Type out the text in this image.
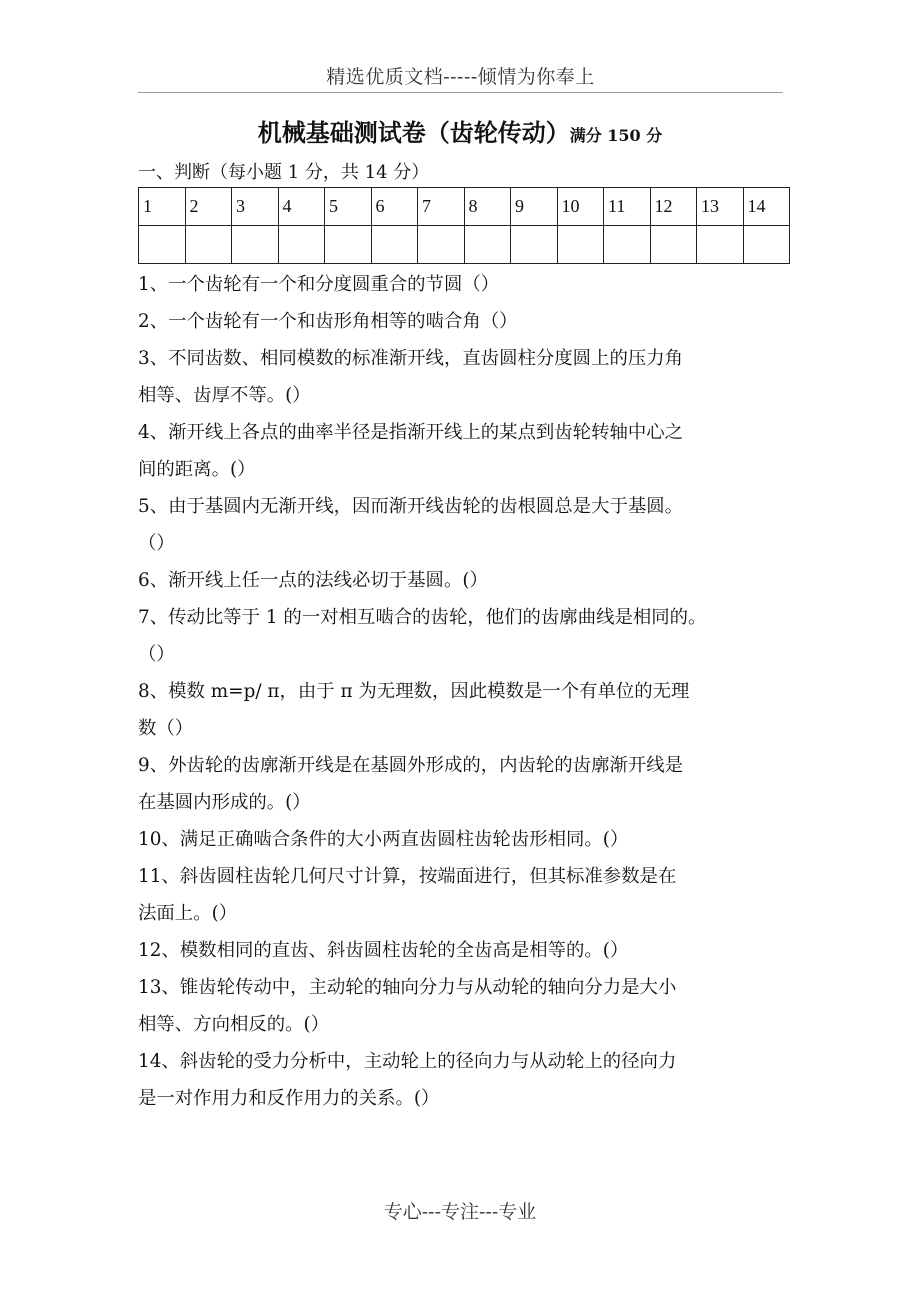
精选优质文档-----倾情为你奉上
机械基础测试卷（齿轮传动）满分 150 分
一、判断（每小题 1 分，共 14 分）
1	2	3	4	5	6	7	8	9	10	11	12	13	14

1、一个齿轮有一个和分度圆重合的节圆（）
2、一个齿轮有一个和齿形角相等的啮合角（）
3、不同齿数、相同模数的标准渐开线，直齿圆柱分度圆上的压力角
相等、齿厚不等。(）
4、渐开线上各点的曲率半径是指渐开线上的某点到齿轮转轴中心之
间的距离。(）
5、由于基圆内无渐开线，因而渐开线齿轮的齿根圆总是大于基圆。
（）
6、渐开线上任一点的法线必切于基圆。(）
7、传动比等于 1 的一对相互啮合的齿轮，他们的齿廓曲线是相同的。
（）
8、模数 m=p/ π，由于 π 为无理数，因此模数是一个有单位的无理
数（）
9、外齿轮的齿廓渐开线是在基圆外形成的，内齿轮的齿廓渐开线是
在基圆内形成的。(）
10、满足正确啮合条件的大小两直齿圆柱齿轮齿形相同。(）
11、斜齿圆柱齿轮几何尺寸计算，按端面进行，但其标准参数是在
法面上。(）
12、模数相同的直齿、斜齿圆柱齿轮的全齿高是相等的。(）
13、锥齿轮传动中，主动轮的轴向分力与从动轮的轴向分力是大小
相等、方向相反的。(）
14、斜齿轮的受力分析中，主动轮上的径向力与从动轮上的径向力
是一对作用力和反作用力的关系。(）
专心---专注---专业
